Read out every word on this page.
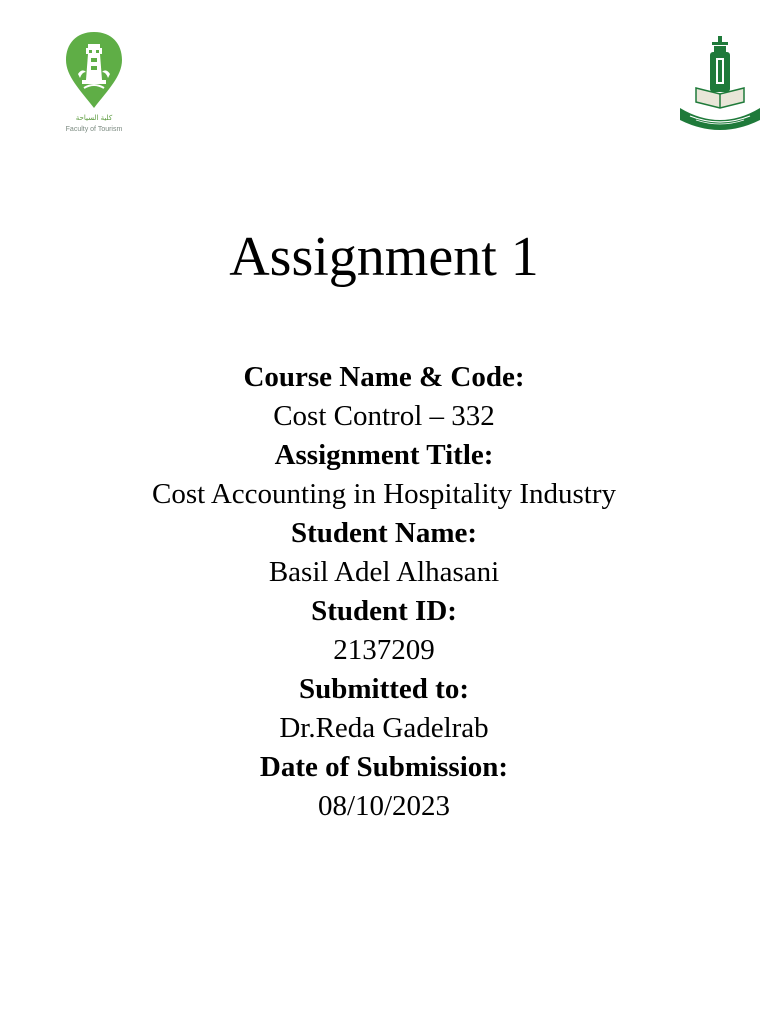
كلية السياحة
Faculty of Tourism
Assignment 1
Course Name & Code:
Cost Control – 332
Assignment Title:
Cost Accounting in Hospitality Industry
Student Name:
Basil Adel Alhasani
Student ID:
2137209
Submitted to:
Dr.Reda Gadelrab
Date of Submission:
08/10/2023
